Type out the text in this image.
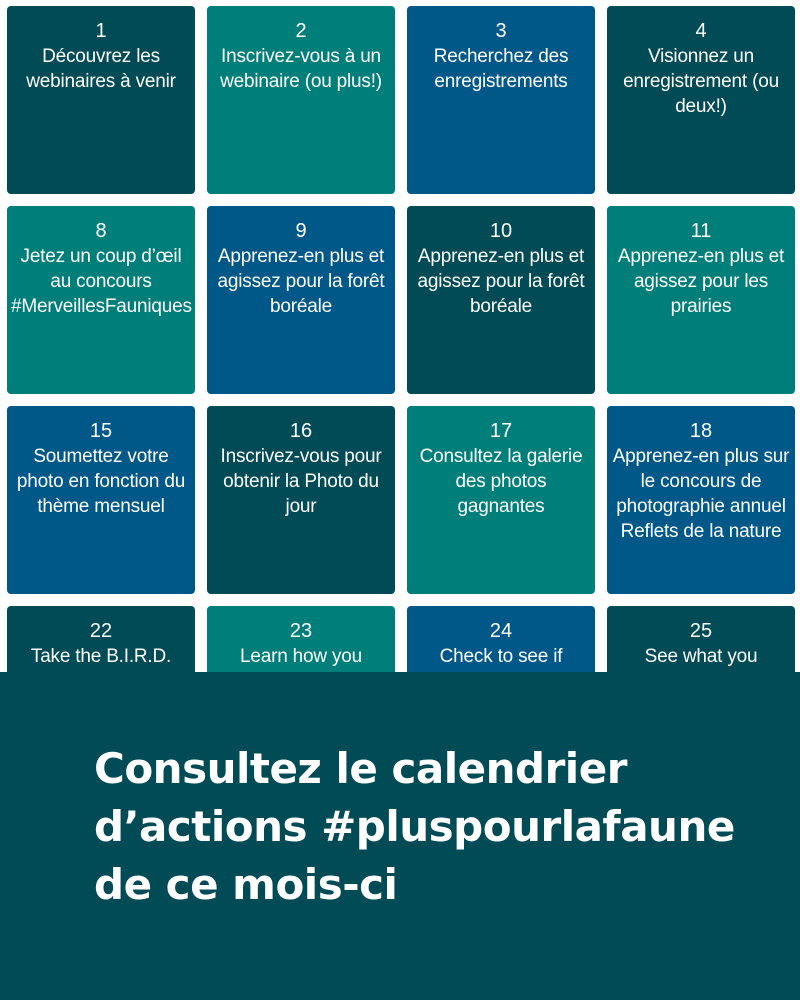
1
Découvrez les webinaires à venir
2
Inscrivez-vous à un webinaire (ou plus!)
3
Recherchez des enregistrements
4
Visionnez un enregistrement (ou deux!)
8
Jetez un coup d’œil au concours #MerveillesFauniques
9
Apprenez-en plus et agissez pour la forêt boréale
10
Apprenez-en plus et agissez pour la forêt boréale
11
Apprenez-en plus et agissez pour les prairies
15
Soumettez votre photo en fonction du thème mensuel
16
Inscrivez-vous pour obtenir la Photo du jour
17
Consultez la galerie des photos gagnantes
18
Apprenez-en plus sur le concours de photographie annuel Reflets de la nature
22
Take the B.I.R.D.
23
Learn how you
24
Check to see if
25
See what you
Consultez le calendrier d’actions #pluspourlafaune de ce mois-ci
